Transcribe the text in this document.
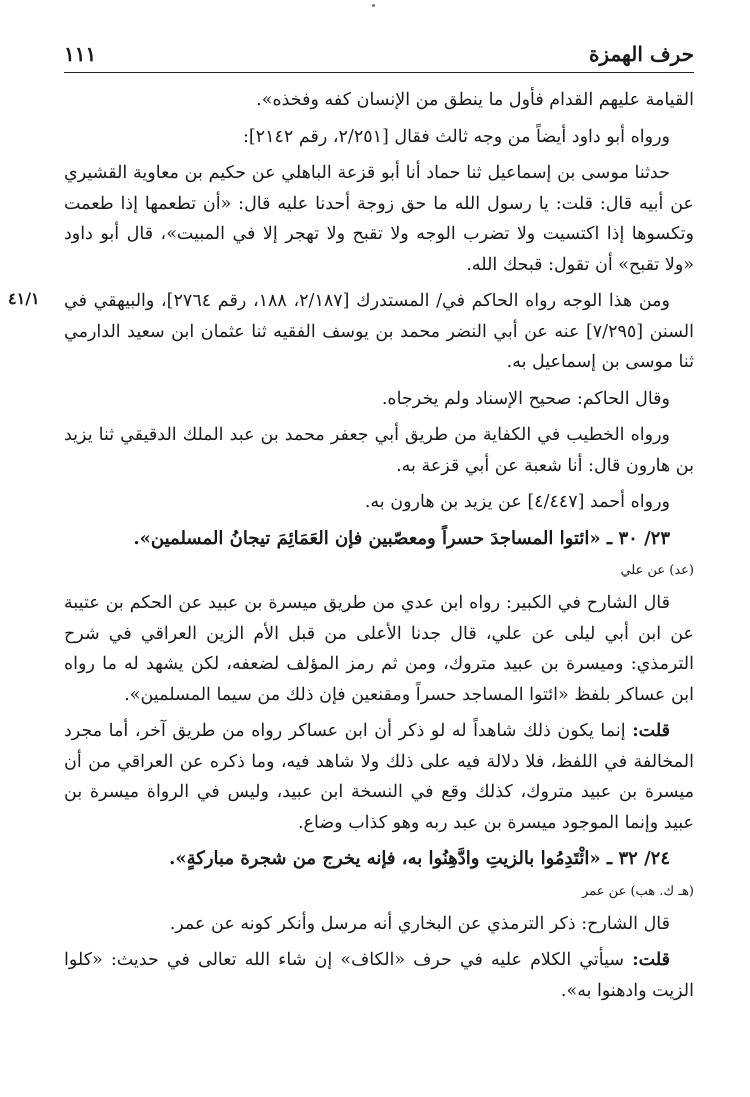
حرف الهمزة
١١١

القيامة عليهم القدام فأول ما ينطق من الإنسان كفه وفخذه».

ورواه أبو داود أيضاً من وجه ثالث فقال [٢/٢٥١، رقم ٢١٤٢]:

حدثنا موسى بن إسماعيل ثنا حماد أنا أبو قزعة الباهلي عن حكيم بن معاوية القشيري عن أبيه قال: قلت: يا رسول الله ما حق زوجة أحدنا عليه قال: «أن تطعمها إذا طعمت وتكسوها إذا اكتسيت ولا تضرب الوجه ولا تقبح ولا تهجر إلا في المبيت»، قال أبو داود «ولا تقبح» أن تقول: قبحك الله.

ومن هذا الوجه رواه الحاكم في/ المستدرك [٢/١٨٧، ١٨٨، رقم ٢٧٦٤]، والبيهقي في السنن [٧/٢٩٥] عنه عن أبي النضر محمد بن يوسف الفقيه ثنا عثمان ابن سعيد الدارمي ثنا موسى بن إسماعيل به.

وقال الحاكم: صحيح الإسناد ولم يخرجاه.

ورواه الخطيب في الكفاية من طريق أبي جعفر محمد بن عبد الملك الدقيقي ثنا يزيد بن هارون قال: أنا شعبة عن أبي قزعة به.

ورواه أحمد [٤/٤٤٧] عن يزيد بن هارون به.

٢٣/ ٣٠ ـ «ائتوا المساجدَ حسراً ومعصّبين فإن العَمَائِمَ تيجانُ المسلمين».

(عد) عن علي

قال الشارح في الكبير: رواه ابن عدي من طريق ميسرة بن عبيد عن الحكم بن عتيبة عن ابن أبي ليلى عن علي، قال جدنا الأعلى من قبل الأم الزين العراقي في شرح الترمذي: وميسرة بن عبيد متروك، ومن ثم رمز المؤلف لضعفه، لكن يشهد له ما رواه ابن عساكر بلفظ «ائتوا المساجد حسراً ومقنعين فإن ذلك من سيما المسلمين».

قلت: إنما يكون ذلك شاهداً له لو ذكر أن ابن عساكر رواه من طريق آخر، أما مجرد المخالفة في اللفظ، فلا دلالة فيه على ذلك ولا شاهد فيه، وما ذكره عن العراقي من أن ميسرة بن عبيد متروك، كذلك وقع في النسخة ابن عبيد، وليس في الرواة ميسرة بن عبيد وإنما الموجود ميسرة بن عبد ربه وهو كذاب وضاع.

٢٤/ ٣٢ ـ «ائْتَدِمُوا بالزيتِ وادَّهِنُوا به، فإنه يخرج من شجرة مباركةٍ».

(هـ ك. هب) عن عمر

قال الشارح: ذكر الترمذي عن البخاري أنه مرسل وأنكر كونه عن عمر.

قلت: سيأتي الكلام عليه في حرف «الكاف» إن شاء الله تعالى في حديث: «كلوا الزيت وادهنوا به».

٤١/١
